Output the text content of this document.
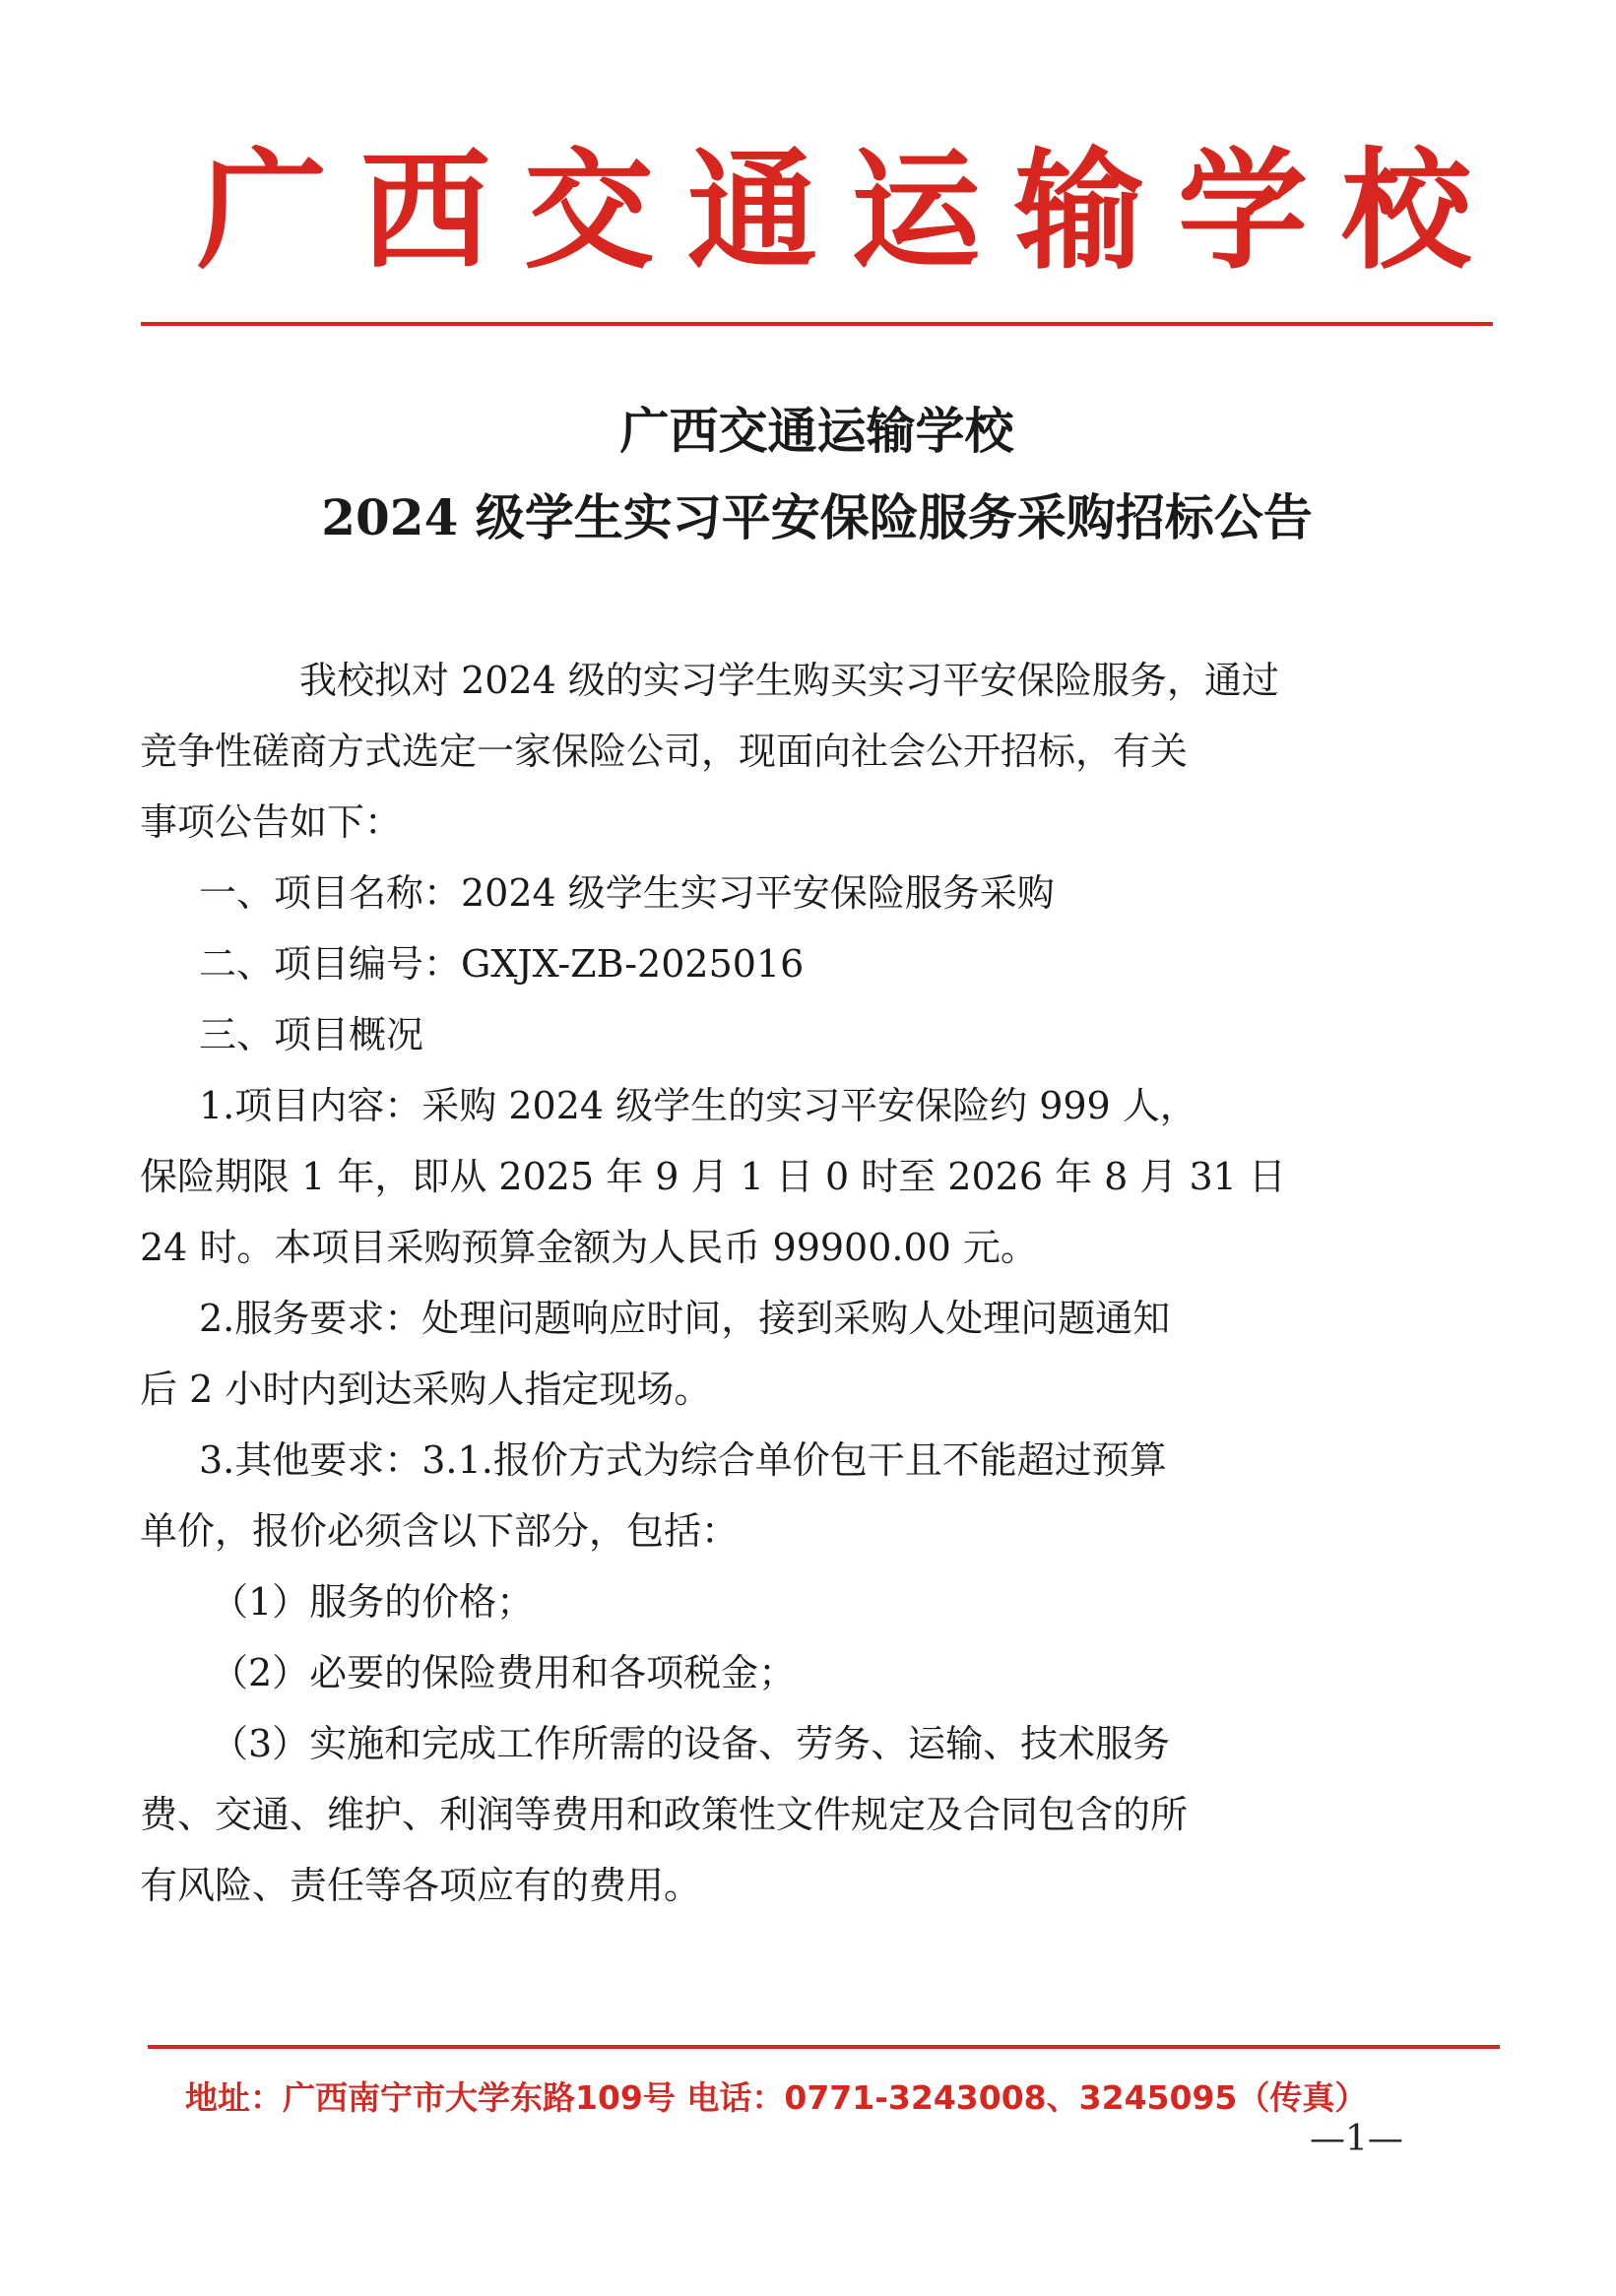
广西交通运输学校
广西交通运输学校
2024 级学生实习平安保险服务采购招标公告

我校拟对 2024 级的实习学生购买实习平安保险服务，通过

竞争性磋商方式选定一家保险公司，现面向社会公开招标，有关

事项公告如下：

一、项目名称：2024 级学生实习平安保险服务采购

二、项目编号：GXJX-ZB-2025016

三、项目概况

1.项目内容：采购 2024 级学生的实习平安保险约 999 人，

保险期限 1 年，即从 2025 年 9 月 1 日 0 时至 2026 年 8 月 31 日

24 时。本项目采购预算金额为人民币 99900.00 元。

2.服务要求：处理问题响应时间，接到采购人处理问题通知

后 2 小时内到达采购人指定现场。

3.其他要求：3.1.报价方式为综合单价包干且不能超过预算

单价，报价必须含以下部分，包括：

（1）服务的价格；

（2）必要的保险费用和各项税金；

（3）实施和完成工作所需的设备、劳务、运输、技术服务

费、交通、维护、利润等费用和政策性文件规定及合同包含的所

有风险、责任等各项应有的费用。

地址：广西南宁市大学东路109号 电话：0771-3243008、3245095（传真）
—1—
